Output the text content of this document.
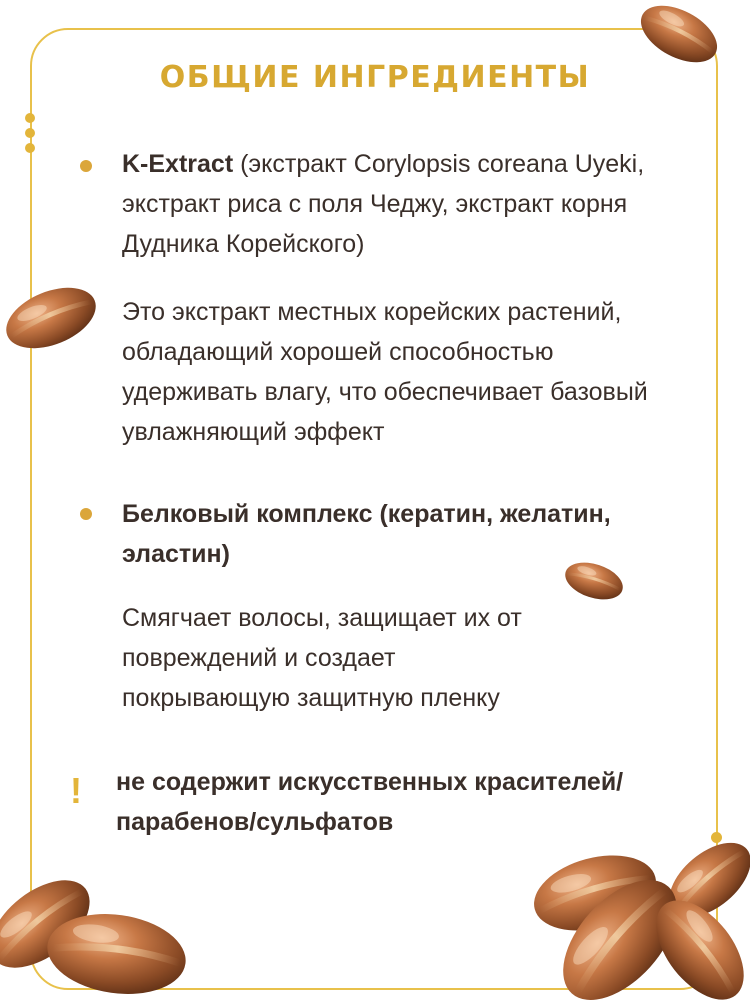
ОБЩИЕ ИНГРЕДИЕНТЫ
K-Extract (экстракт Corylopsis coreana Uyeki, экстракт риса с поля Чеджу, экстракт корня Дудника Корейского)
Это экстракт местных корейских растений, обладающий хорошей способностью удерживать влагу, что обеспечивает базовый увлажняющий эффект
Белковый комплекс (кератин, желатин, эластин)
Смягчает волосы, защищает их от повреждений и создает покрывающую защитную пленку
! не содержит искусственных красителей/парабенов/сульфатов
